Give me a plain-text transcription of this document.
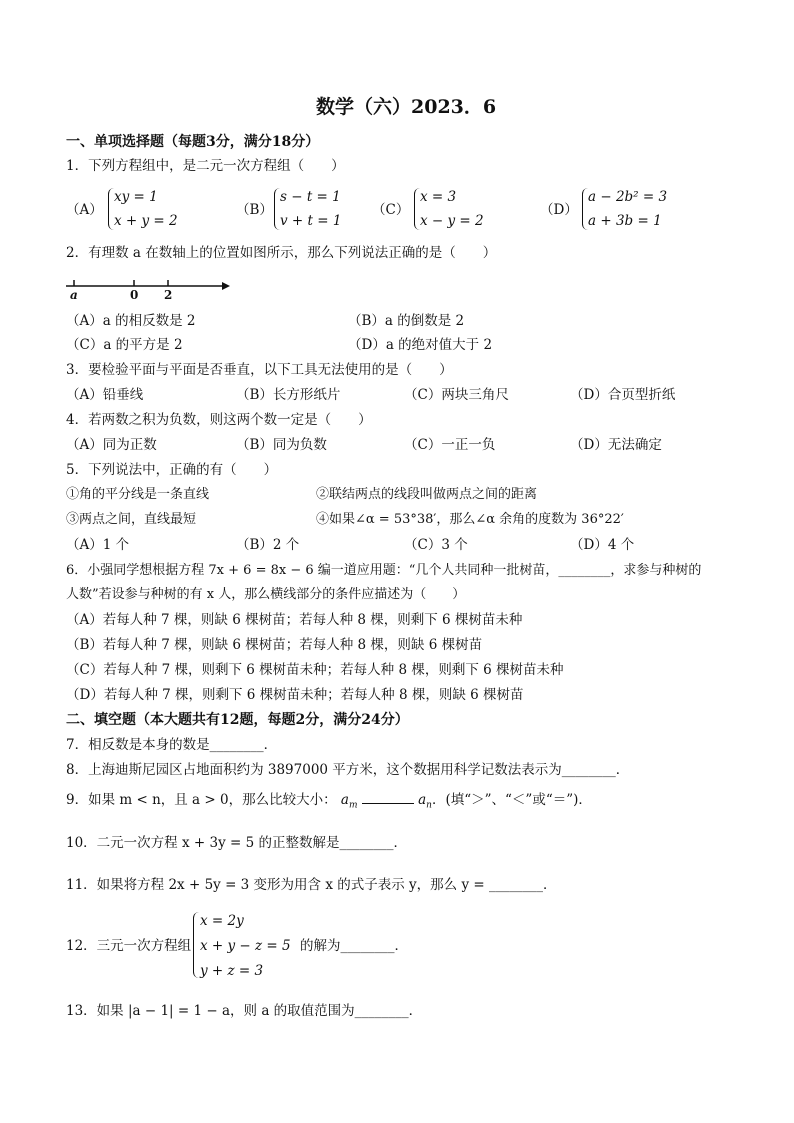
数学（六）2023．6
一、单项选择题（每题3分，满分18分）
1．下列方程组中，是二元一次方程组（　　）
（A）
xy = 1
x + y = 2
（B）
s − t = 1
v + t = 1
（C）
x = 3
x − y = 2
（D）
a − 2b² = 3
a + 3b = 1
2．有理数 a 在数轴上的位置如图所示，那么下列说法正确的是（　　）
a	0 2
（A）a 的相反数是 2	（B）a 的倒数是 2
（C）a 的平方是 2	（D）a 的绝对值大于 2
3．要检验平面与平面是否垂直，以下工具无法使用的是（　　）
（A）铅垂线	（B）长方形纸片	（C）两块三角尺	（D）合页型折纸
4．若两数之积为负数，则这两个数一定是（　　）
（A）同为正数	（B）同为负数	（C）一正一负	（D）无法确定
5．下列说法中，正确的有（　　）
①角的平分线是一条直线	②联结两点的线段叫做两点之间的距离
③两点之间，直线最短	④如果∠α = 53°38′，那么∠α 余角的度数为 36°22′
（A）1 个	（B）2 个	（C）3 个	（D）4 个
6．小强同学想根据方程 7x + 6 = 8x − 6 编一道应用题：“几个人共同种一批树苗，________，求参与种树的
人数”若设参与种树的有 x 人，那么横线部分的条件应描述为（　　）
（A）若每人种 7 棵，则缺 6 棵树苗；若每人种 8 棵，则剩下 6 棵树苗未种
（B）若每人种 7 棵，则缺 6 棵树苗；若每人种 8 棵，则缺 6 棵树苗
（C）若每人种 7 棵，则剩下 6 棵树苗未种；若每人种 8 棵，则剩下 6 棵树苗未种
（D）若每人种 7 棵，则剩下 6 棵树苗未种；若每人种 8 棵，则缺 6 棵树苗
二、填空题（本大题共有12题，每题2分，满分24分）
7．相反数是本身的数是________．
8．上海迪斯尼园区占地面积约为 3897000 平方米，这个数据用科学记数法表示为________．
9．如果 m < n，且 a > 0，那么比较大小： $a_m$	$a_n$．(填“＞”、“＜”或“＝”)．
10．二元一次方程 x + 3y = 5 的正整数解是________．
11．如果将方程 2x + 5y = 3 变形为用含 x 的式子表示 y，那么 y = ________．
12．三元一次方程组
x = 2y
x + y − z = 5
y + z = 3
的解为________．
13．如果 |a − 1| = 1 − a，则 a 的取值范围为________．
